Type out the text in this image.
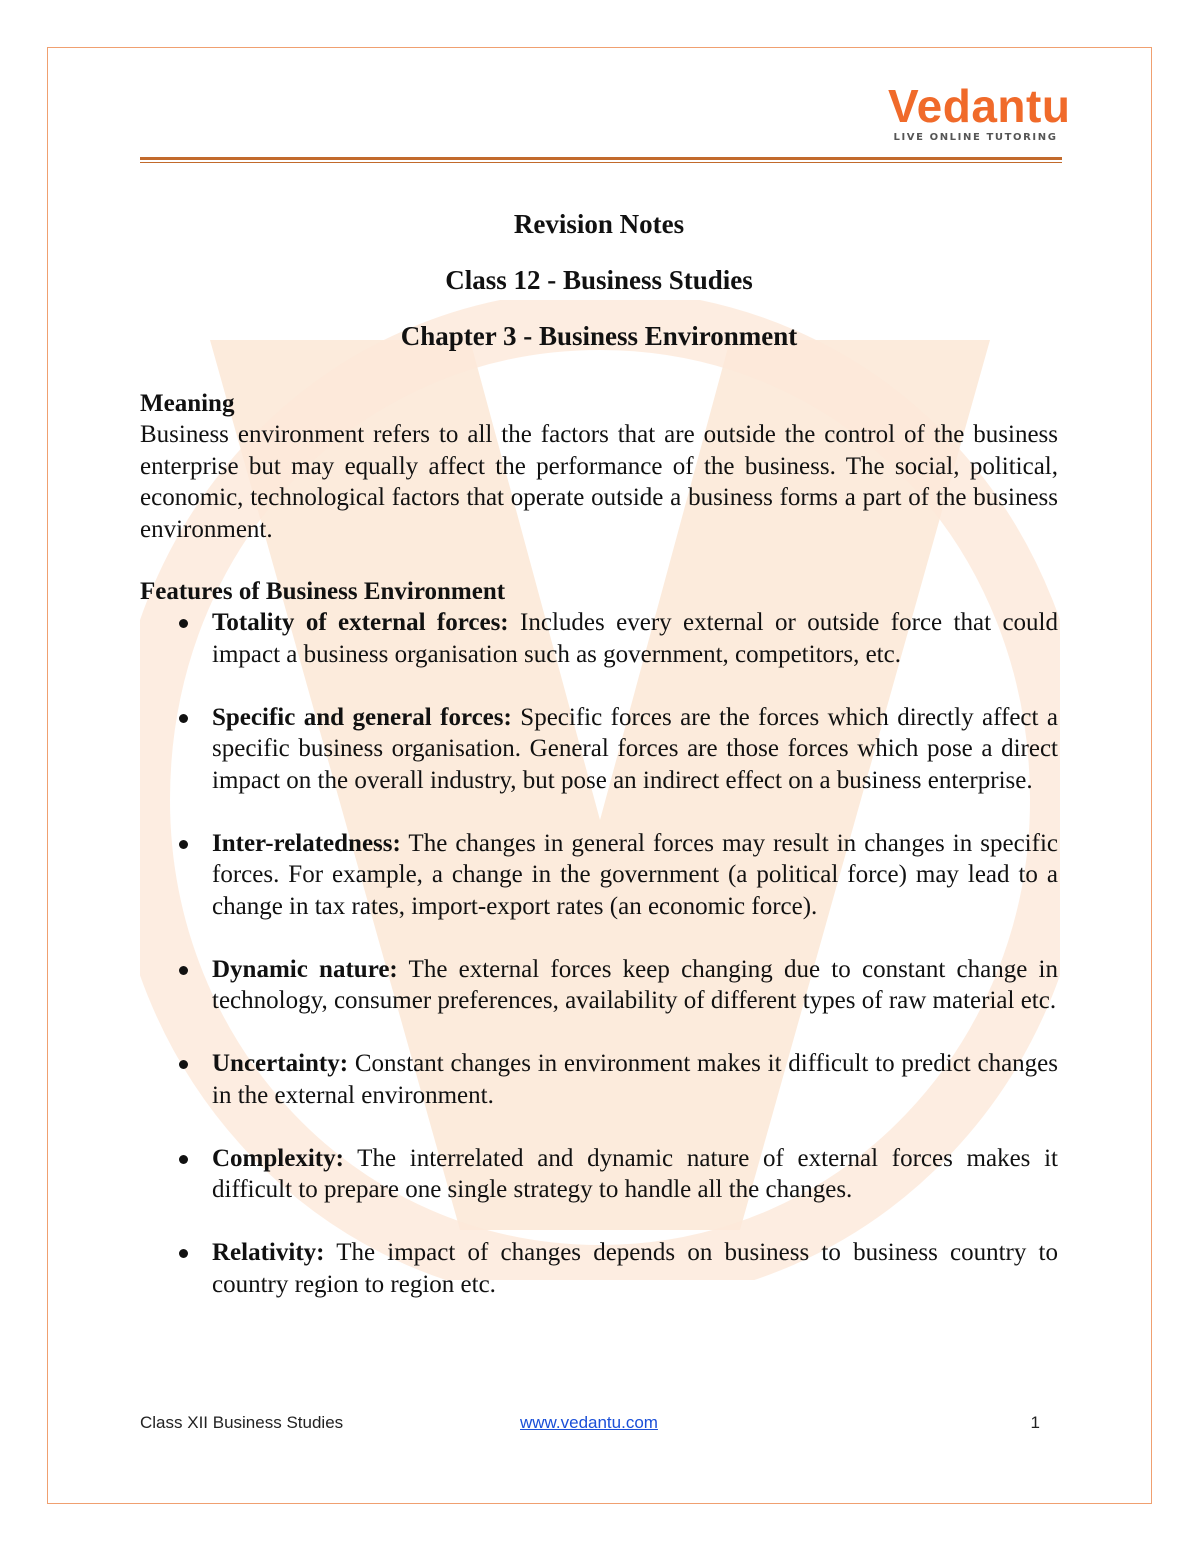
Vedantu
LIVE ONLINE TUTORING
Revision Notes
Class 12 - Business Studies
Chapter 3 - Business Environment

Meaning

Business environment refers to all the factors that are outside the control of the business enterprise but may equally affect the performance of the business. The social, political, economic, technological factors that operate outside a business forms a part of the business environment.

Features of Business Environment

Totality of external forces: Includes every external or outside force that could impact a business organisation such as government, competitors, etc.
Specific and general forces: Specific forces are the forces which directly affect a specific business organisation. General forces are those forces which pose a direct impact on the overall industry, but pose an indirect effect on a business enterprise.
Inter-relatedness: The changes in general forces may result in changes in specific forces. For example, a change in the government (a political force) may lead to a change in tax rates, import-export rates (an economic force).
Dynamic nature: The external forces keep changing due to constant change in technology, consumer preferences, availability of different types of raw material etc.
Uncertainty: Constant changes in environment makes it difficult to predict changes in the external environment.
Complexity: The interrelated and dynamic nature of external forces makes it difficult to prepare one single strategy to handle all the changes.
Relativity: The impact of changes depends on business to business country to country region to region etc.
Class XII Business Studies	www.vedantu.com	1
